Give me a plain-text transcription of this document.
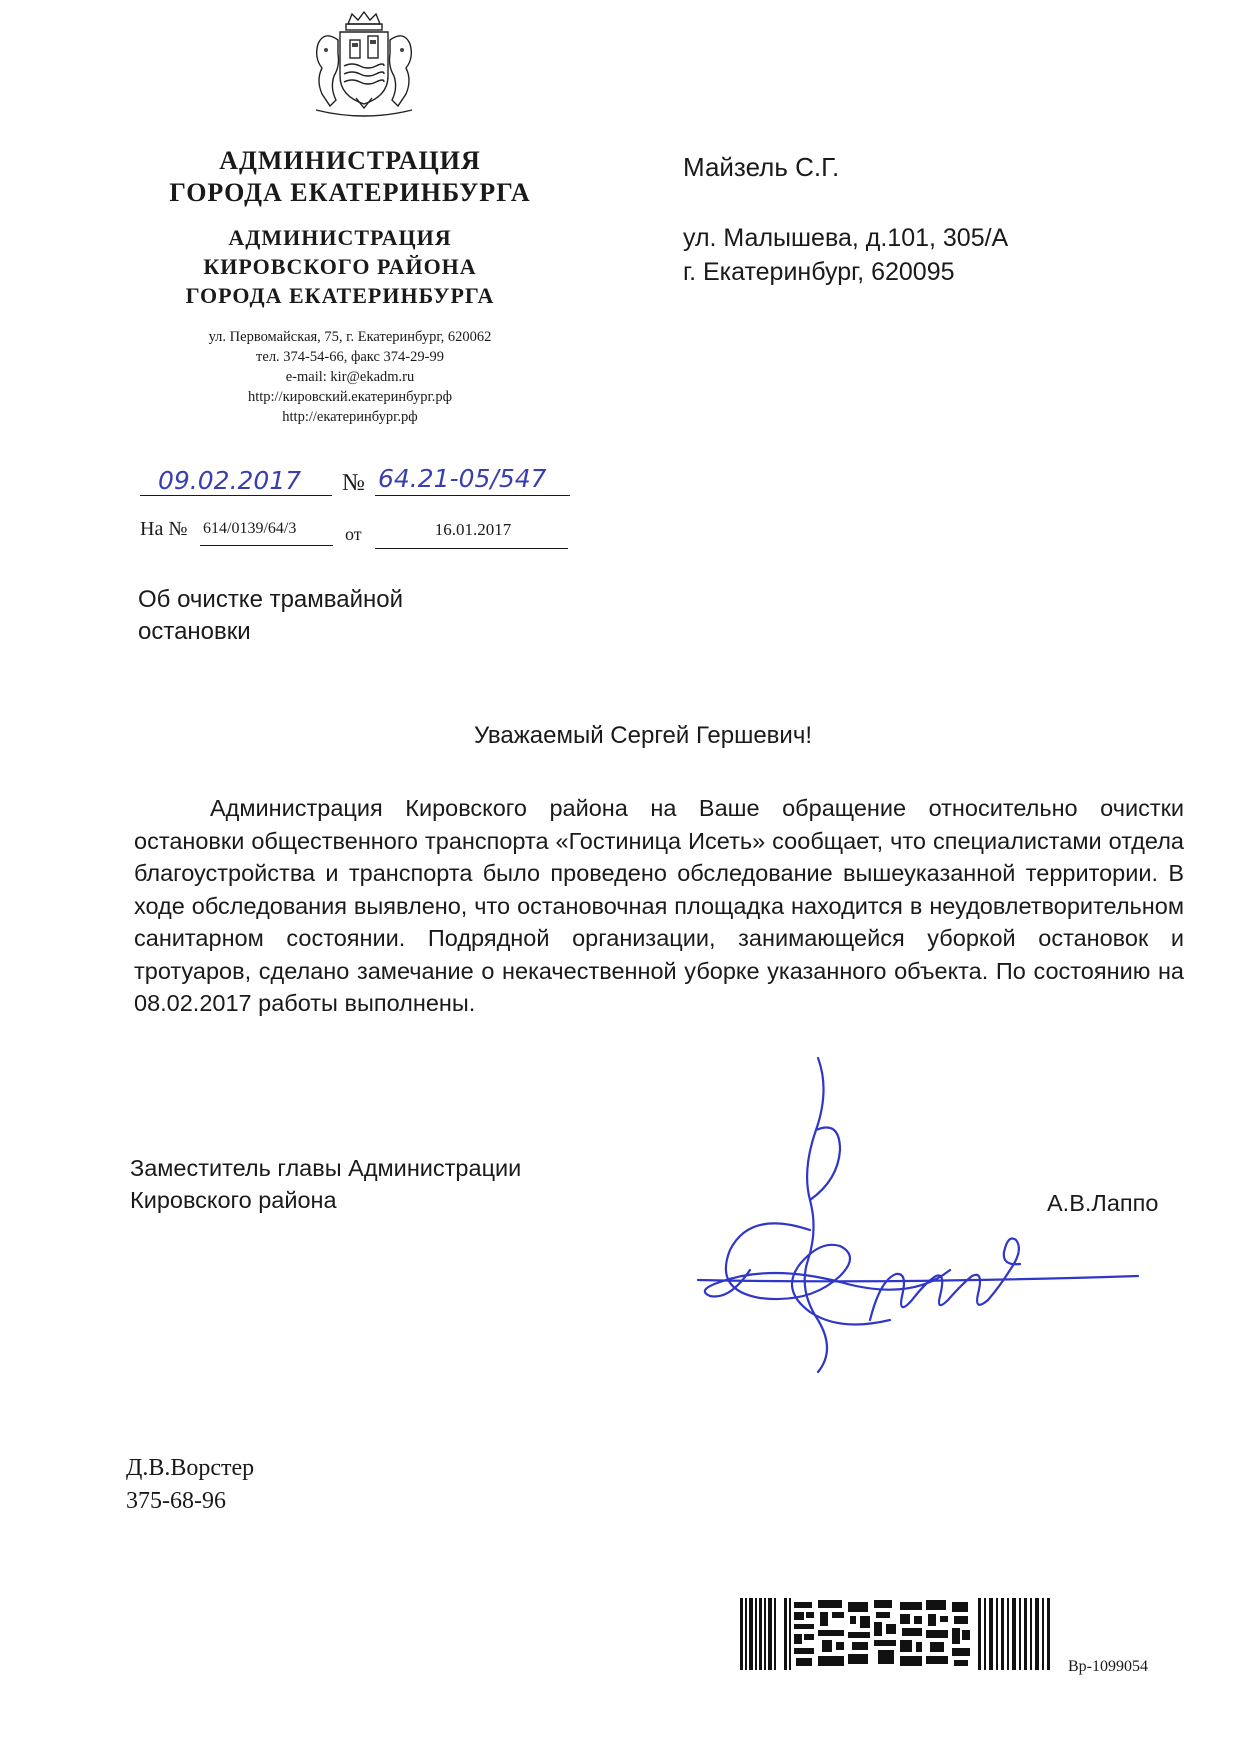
АДМИНИСТРАЦИЯ
ГОРОДА ЕКАТЕРИНБУРГА
АДМИНИСТРАЦИЯ
КИРОВСКОГО РАЙОНА
ГОРОДА ЕКАТЕРИНБУРГА
ул. Первомайская, 75, г. Екатеринбург, 620062
тел. 374-54-66, факс 374-29-99
e-mail: kir@ekadm.ru
http://кировский.екатеринбург.рф
http://екатеринбург.рф
09.02.2017	№ 64.21-05/547
На № 614/0139/64/3	от	16.01.2017
Майзель С.Г.
ул. Малышева, д.101, 305/А
г. Екатеринбург, 620095
Об очистке трамвайной остановки
Уважаемый Сергей Гершевич!
Администрация Кировского района на Ваше обращение относительно очистки остановки общественного транспорта «Гостиница Исеть» сообщает, что специалистами отдела благоустройства и транспорта было проведено обследование вышеуказанной территории. В ходе обследования выявлено, что остановочная площадка находится в неудовлетворительном санитарном состоянии. Подрядной организации, занимающейся уборкой остановок и тротуаров, сделано замечание о некачественной уборке указанного объекта. По состоянию на 08.02.2017 работы выполнены.
Заместитель главы Администрации
Кировского района	А.В.Лаппо
Д.В.Ворстер
375-68-96
Вр-1099054
